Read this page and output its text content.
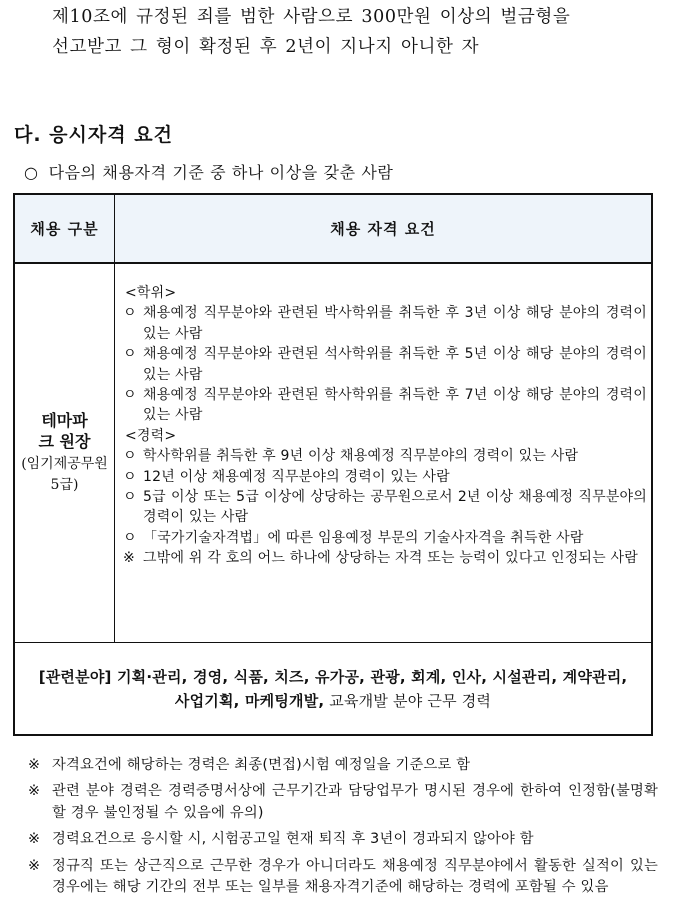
제10조에 규정된 죄를 범한 사람으로 300만원 이상의 벌금형을
선고받고 그 형이 확정된 후 2년이 지나지 아니한 자
다. 응시자격 요건
○ 다음의 채용자격 기준 중 하나 이상을 갖춘 사람
채용 구분	채용 자격 요건
테마파크 원장
(임기제공무원 5급)
<학위>
ㅇ 채용예정 직무분야와 관련된 박사학위를 취득한 후 3년 이상 해당 분야의 경력이 있는 사람
ㅇ 채용예정 직무분야와 관련된 석사학위를 취득한 후 5년 이상 해당 분야의 경력이 있는 사람
ㅇ 채용예정 직무분야와 관련된 학사학위를 취득한 후 7년 이상 해당 분야의 경력이 있는 사람
<경력>
ㅇ 학사학위를 취득한 후 9년 이상 채용예정 직무분야의 경력이 있는 사람
ㅇ 12년 이상 채용예정 직무분야의 경력이 있는 사람
ㅇ 5급 이상 또는 5급 이상에 상당하는 공무원으로서 2년 이상 채용예정 직무분야의 경력이 있는 사람
ㅇ 「국가기술자격법」에 따른 임용예정 부문의 기술사자격을 취득한 사람
※ 그밖에 위 각 호의 어느 하나에 상당하는 자격 또는 능력이 있다고 인정되는 사람
[관련분야] 기획·관리, 경영, 식품, 치즈, 유가공, 관광, 회계, 인사, 시설관리, 계약관리, 사업기획, 마케팅개발, 교육개발 분야 근무 경력
※ 자격요건에 해당하는 경력은 최종(면접)시험 예정일을 기준으로 함
※ 관련 분야 경력은 경력증명서상에 근무기간과 담당업무가 명시된 경우에 한하여 인정함(불명확할 경우 불인정될 수 있음에 유의)
※ 경력요건으로 응시할 시, 시험공고일 현재 퇴직 후 3년이 경과되지 않아야 함
※ 정규직 또는 상근직으로 근무한 경우가 아니더라도 채용예정 직무분야에서 활동한 실적이 있는 경우에는 해당 기간의 전부 또는 일부를 채용자격기준에 해당하는 경력에 포함될 수 있음
